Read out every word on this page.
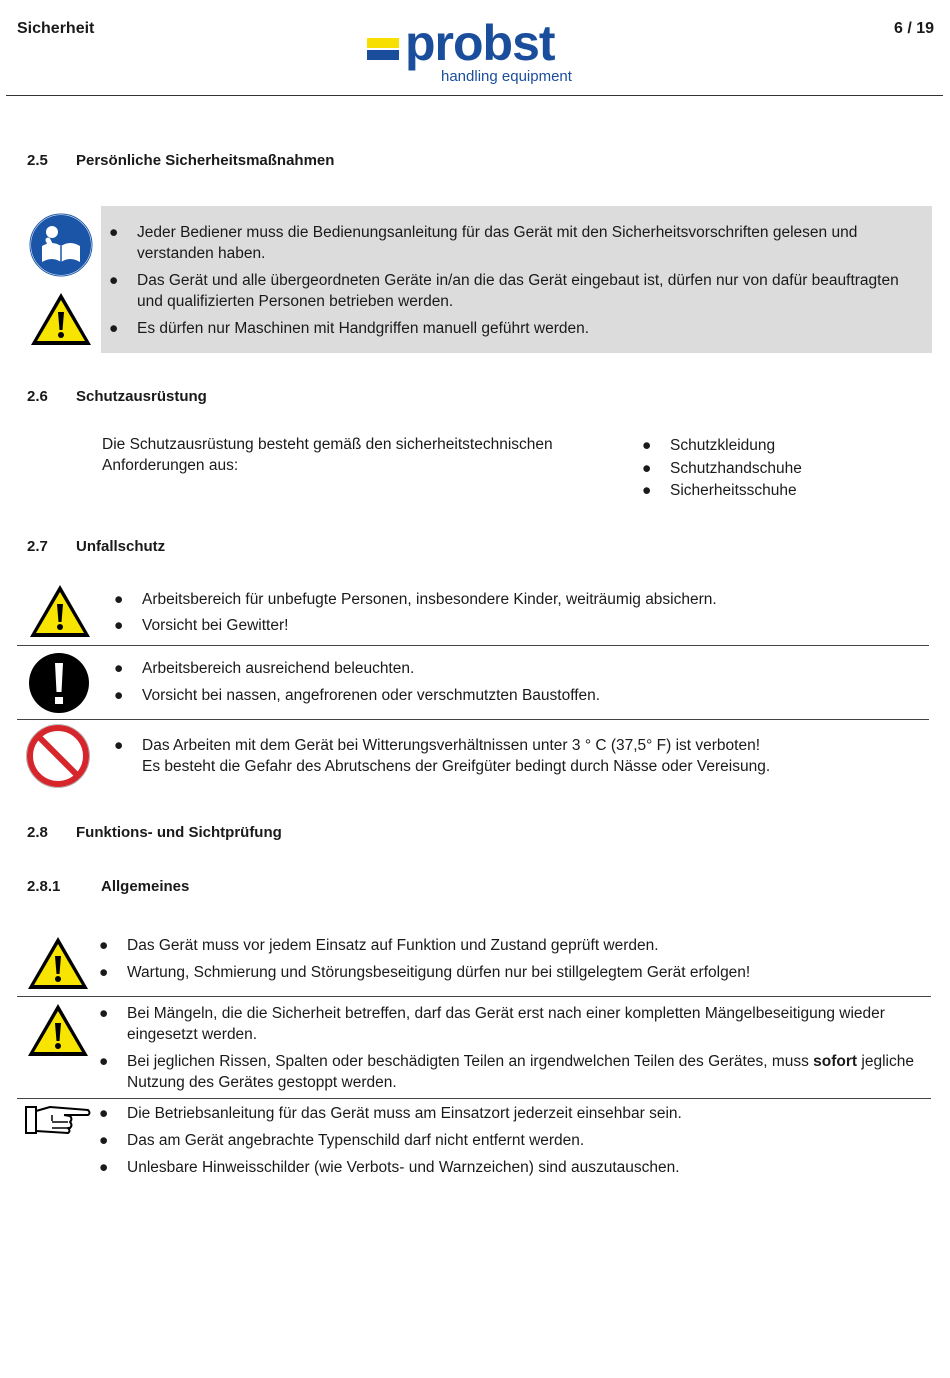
Sicherheit	6 / 19
probst
handling equipment
2.5 Persönliche Sicherheitsmaßnahmen
● Jeder Bediener muss die Bedienungsanleitung für das Gerät mit den Sicherheitsvorschriften gelesen und verstanden haben.
● Das Gerät und alle übergeordneten Geräte in/an die das Gerät eingebaut ist, dürfen nur von dafür beauftragten und qualifizierten Personen betrieben werden.
● Es dürfen nur Maschinen mit Handgriffen manuell geführt werden.
2.6 Schutzausrüstung
Die Schutzausrüstung besteht gemäß den sicherheitstechnischen Anforderungen aus:
● Schutzkleidung
● Schutzhandschuhe
● Sicherheitsschuhe
2.7 Unfallschutz
● Arbeitsbereich für unbefugte Personen, insbesondere Kinder, weiträumig absichern.
● Vorsicht bei Gewitter!
● Arbeitsbereich ausreichend beleuchten.
● Vorsicht bei nassen, angefrorenen oder verschmutzten Baustoffen.
● Das Arbeiten mit dem Gerät bei Witterungsverhältnissen unter 3 ° C (37,5° F) ist verboten!
Es besteht die Gefahr des Abrutschens der Greifgüter bedingt durch Nässe oder Vereisung.
2.8 Funktions- und Sichtprüfung
2.8.1	Allgemeines
● Das Gerät muss vor jedem Einsatz auf Funktion und Zustand geprüft werden.
● Wartung, Schmierung und Störungsbeseitigung dürfen nur bei stillgelegtem Gerät erfolgen!
● Bei Mängeln, die die Sicherheit betreffen, darf das Gerät erst nach einer kompletten Mängelbeseitigung wieder eingesetzt werden.
● Bei jeglichen Rissen, Spalten oder beschädigten Teilen an irgendwelchen Teilen des Gerätes, muss sofort jegliche Nutzung des Gerätes gestoppt werden.
● Die Betriebsanleitung für das Gerät muss am Einsatzort jederzeit einsehbar sein.
● Das am Gerät angebrachte Typenschild darf nicht entfernt werden.
● Unlesbare Hinweisschilder (wie Verbots- und Warnzeichen) sind auszutauschen.
